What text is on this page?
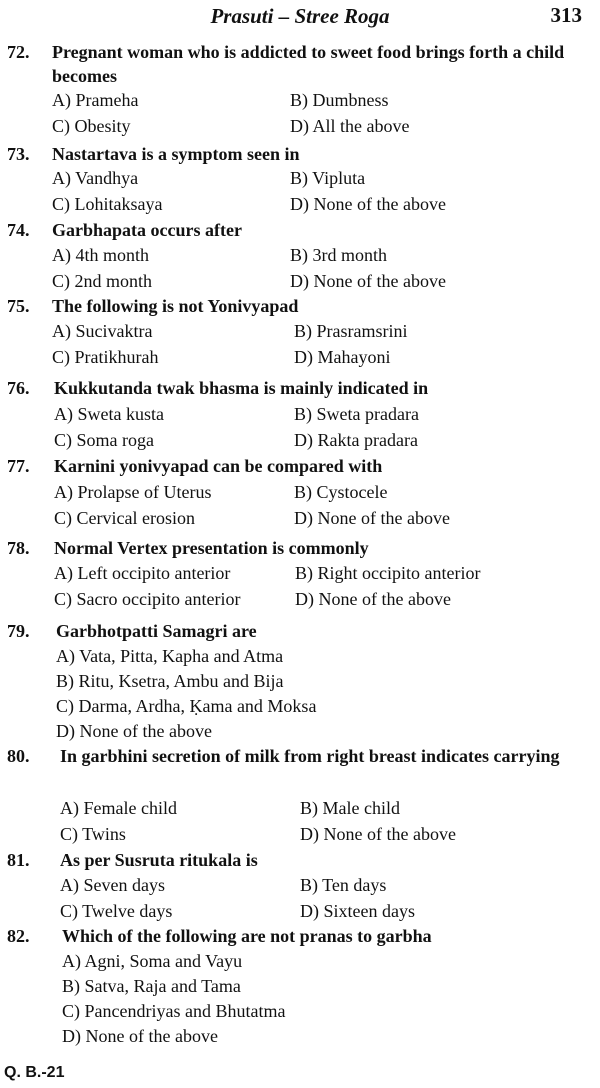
Prasuti – Stree Roga	313
72. Pregnant woman who is addicted to sweet food brings forth a child becomes
A) Prameha	B) Dumbness
C) Obesity	D) All the above
73. Nastartava is a symptom seen in
A) Vandhya	B) Vipluta
C) Lohitaksaya	D) None of the above
74. Garbhapata occurs after
A) 4th month	B) 3rd month
C) 2nd month	D) None of the above
75. The following is not Yonivyapad
A) Sucivaktra	B) Prasramsrini
C) Pratikhurah	D) Mahayoni
76. Kukkutanda twak bhasma is mainly indicated in
A) Sweta kusta	B) Sweta pradara
C) Soma roga	D) Rakta pradara
77. Karnini yonivyapad can be compared with
A) Prolapse of Uterus	B) Cystocele
C) Cervical erosion	D) None of the above
78. Normal Vertex presentation is commonly
A) Left occipito anterior	B) Right occipito anterior
C) Sacro occipito anterior	D) None of the above
79. Garbhotpatti Samagri are
A) Vata, Pitta, Kapha and Atma
B) Ritu, Ksetra, Ambu and Bija
C) Darma, Ardha, Ḳama and Moksa
D) None of the above
80. In garbhini secretion of milk from right breast indicates carrying
A) Female child	B) Male child
C) Twins	D) None of the above
81. As per Susruta ritukala is
A) Seven days	B) Ten days
C) Twelve days	D) Sixteen days
82. Which of the following are not pranas to garbha
A) Agni, Soma and Vayu
B) Satva, Raja and Tama
C) Pancendriyas and Bhutatma
D) None of the above
Q. B.-21
